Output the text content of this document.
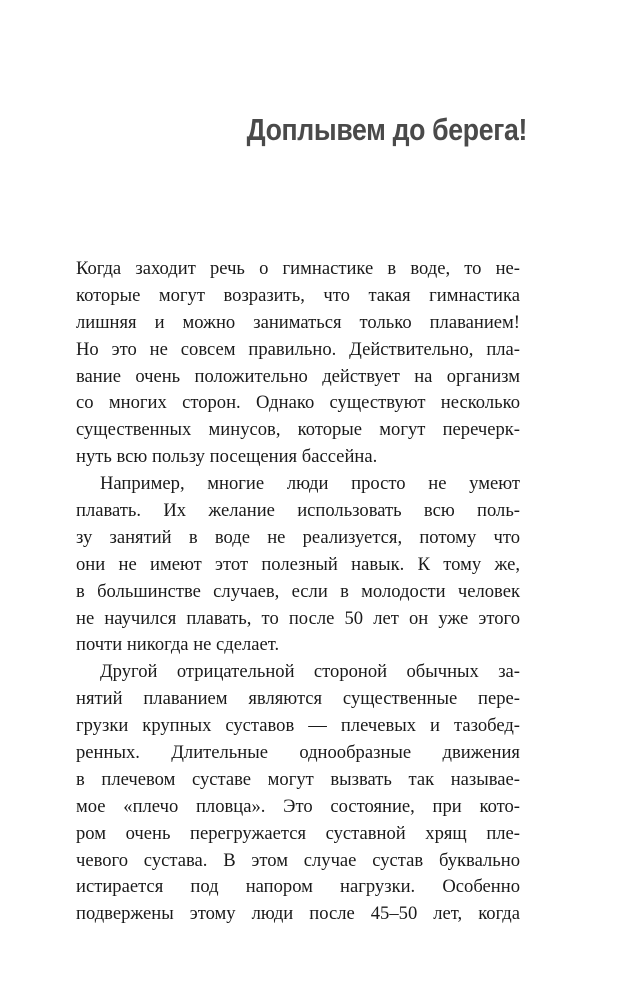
Доплывем до берега!
Когда заходит речь о гимнастике в воде, то не-
которые могут возразить, что такая гимнастика
лишняя и можно заниматься только плаванием!
Но это не совсем правильно. Действительно, пла-
вание очень положительно действует на организм
со многих сторон. Однако существуют несколько
существенных минусов, которые могут перечерк-
нуть всю пользу посещения бассейна.
Например, многие люди просто не умеют
плавать. Их желание использовать всю поль-
зу занятий в воде не реализуется, потому что
они не имеют этот полезный навык. К тому же,
в большинстве случаев, если в молодости человек
не научился плавать, то после 50 лет он уже этого
почти никогда не сделает.
Другой отрицательной стороной обычных за-
нятий плаванием являются существенные пере-
грузки крупных суставов — плечевых и тазобед-
ренных. Длительные однообразные движения
в плечевом суставе могут вызвать так называе-
мое «плечо пловца». Это состояние, при кото-
ром очень перегружается суставной хрящ пле-
чевого сустава. В этом случае сустав буквально
истирается под напором нагрузки. Особенно
подвержены этому люди после 45–50 лет, когда
